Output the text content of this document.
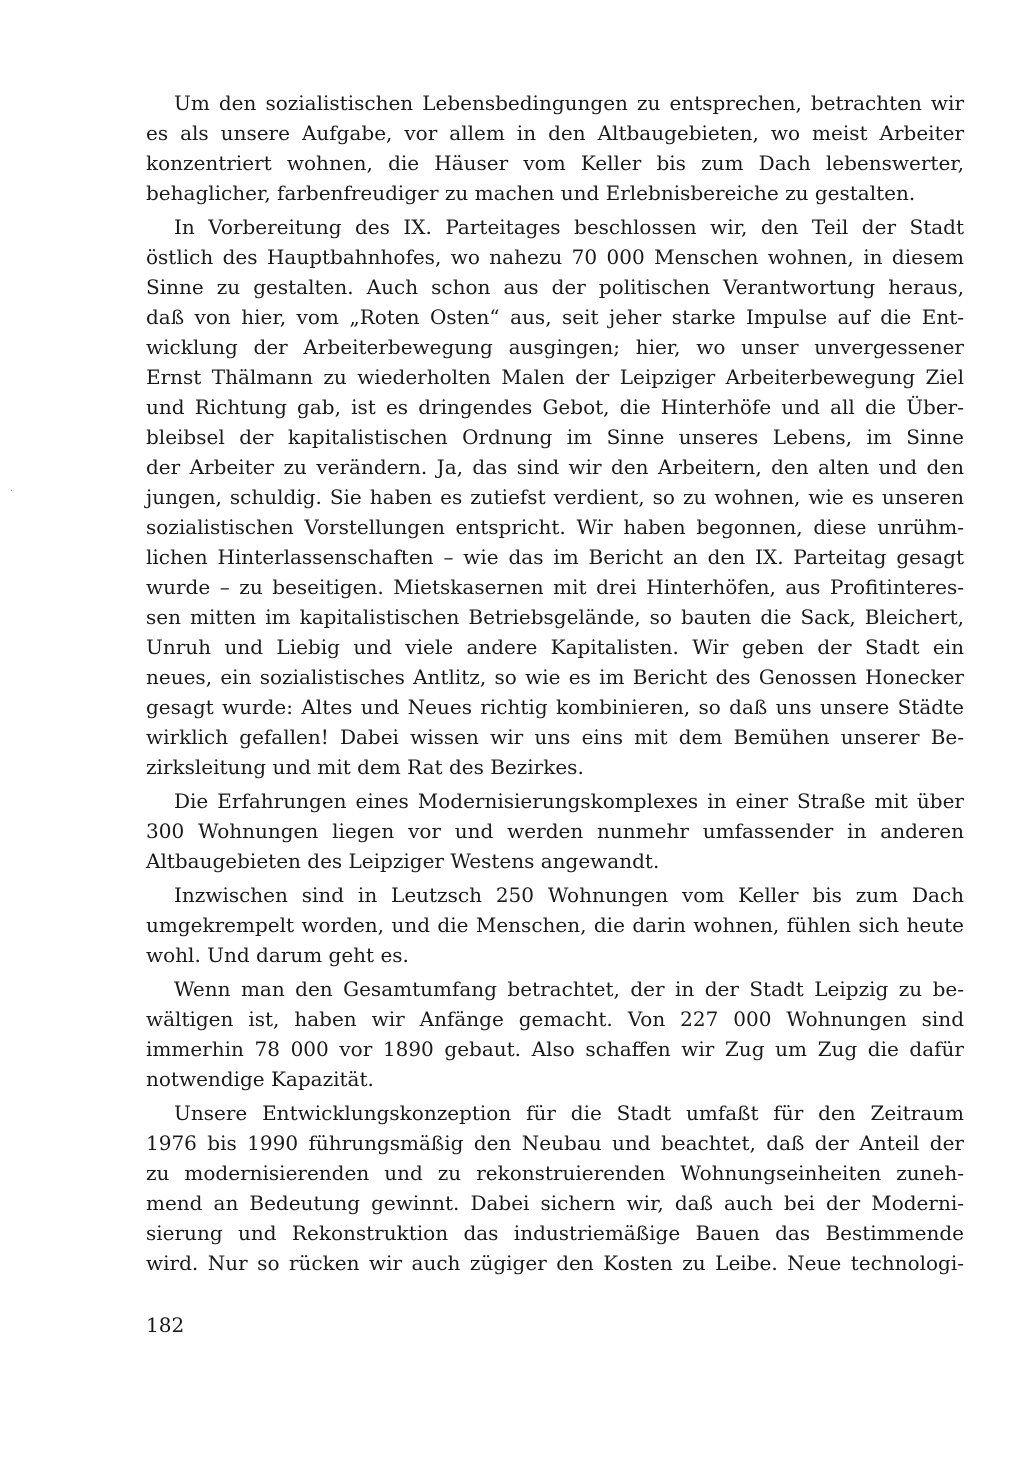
·
Um den sozialistischen Lebensbedingungen zu entsprechen, betrachten wir
es als unsere Aufgabe, vor allem in den Altbaugebieten, wo meist Arbeiter
konzentriert wohnen, die Häuser vom Keller bis zum Dach lebenswerter,
behaglicher, farbenfreudiger zu machen und Erlebnisbereiche zu gestalten.
In Vorbereitung des IX. Parteitages beschlossen wir, den Teil der Stadt
östlich des Hauptbahnhofes, wo nahezu 70 000 Menschen wohnen, in diesem
Sinne zu gestalten. Auch schon aus der politischen Verantwortung heraus,
daß von hier, vom „Roten Osten“ aus, seit jeher starke Impulse auf die Ent-
wicklung der Arbeiterbewegung ausgingen; hier, wo unser unvergessener
Ernst Thälmann zu wiederholten Malen der Leipziger Arbeiterbewegung Ziel
und Richtung gab, ist es dringendes Gebot, die Hinterhöfe und all die Über-
bleibsel der kapitalistischen Ordnung im Sinne unseres Lebens, im Sinne
der Arbeiter zu verändern. Ja, das sind wir den Arbeitern, den alten und den
jungen, schuldig. Sie haben es zutiefst verdient, so zu wohnen, wie es unseren
sozialistischen Vorstellungen entspricht. Wir haben begonnen, diese unrühm-
lichen Hinterlassenschaften – wie das im Bericht an den IX. Parteitag gesagt
wurde – zu beseitigen. Mietskasernen mit drei Hinterhöfen, aus Profitinteres-
sen mitten im kapitalistischen Betriebsgelände, so bauten die Sack, Bleichert,
Unruh und Liebig und viele andere Kapitalisten. Wir geben der Stadt ein
neues, ein sozialistisches Antlitz, so wie es im Bericht des Genossen Honecker
gesagt wurde: Altes und Neues richtig kombinieren, so daß uns unsere Städte
wirklich gefallen! Dabei wissen wir uns eins mit dem Bemühen unserer Be-
zirksleitung und mit dem Rat des Bezirkes.
Die Erfahrungen eines Modernisierungskomplexes in einer Straße mit über
300 Wohnungen liegen vor und werden nunmehr umfassender in anderen
Altbaugebieten des Leipziger Westens angewandt.
Inzwischen sind in Leutzsch 250 Wohnungen vom Keller bis zum Dach
umgekrempelt worden, und die Menschen, die darin wohnen, fühlen sich heute
wohl. Und darum geht es.
Wenn man den Gesamtumfang betrachtet, der in der Stadt Leipzig zu be-
wältigen ist, haben wir Anfänge gemacht. Von 227 000 Wohnungen sind
immerhin 78 000 vor 1890 gebaut. Also schaffen wir Zug um Zug die dafür
notwendige Kapazität.
Unsere Entwicklungskonzeption für die Stadt umfaßt für den Zeitraum
1976 bis 1990 führungsmäßig den Neubau und beachtet, daß der Anteil der
zu modernisierenden und zu rekonstruierenden Wohnungseinheiten zuneh-
mend an Bedeutung gewinnt. Dabei sichern wir, daß auch bei der Moderni-
sierung und Rekonstruktion das industriemäßige Bauen das Bestimmende
wird. Nur so rücken wir auch zügiger den Kosten zu Leibe. Neue technologi-
182
